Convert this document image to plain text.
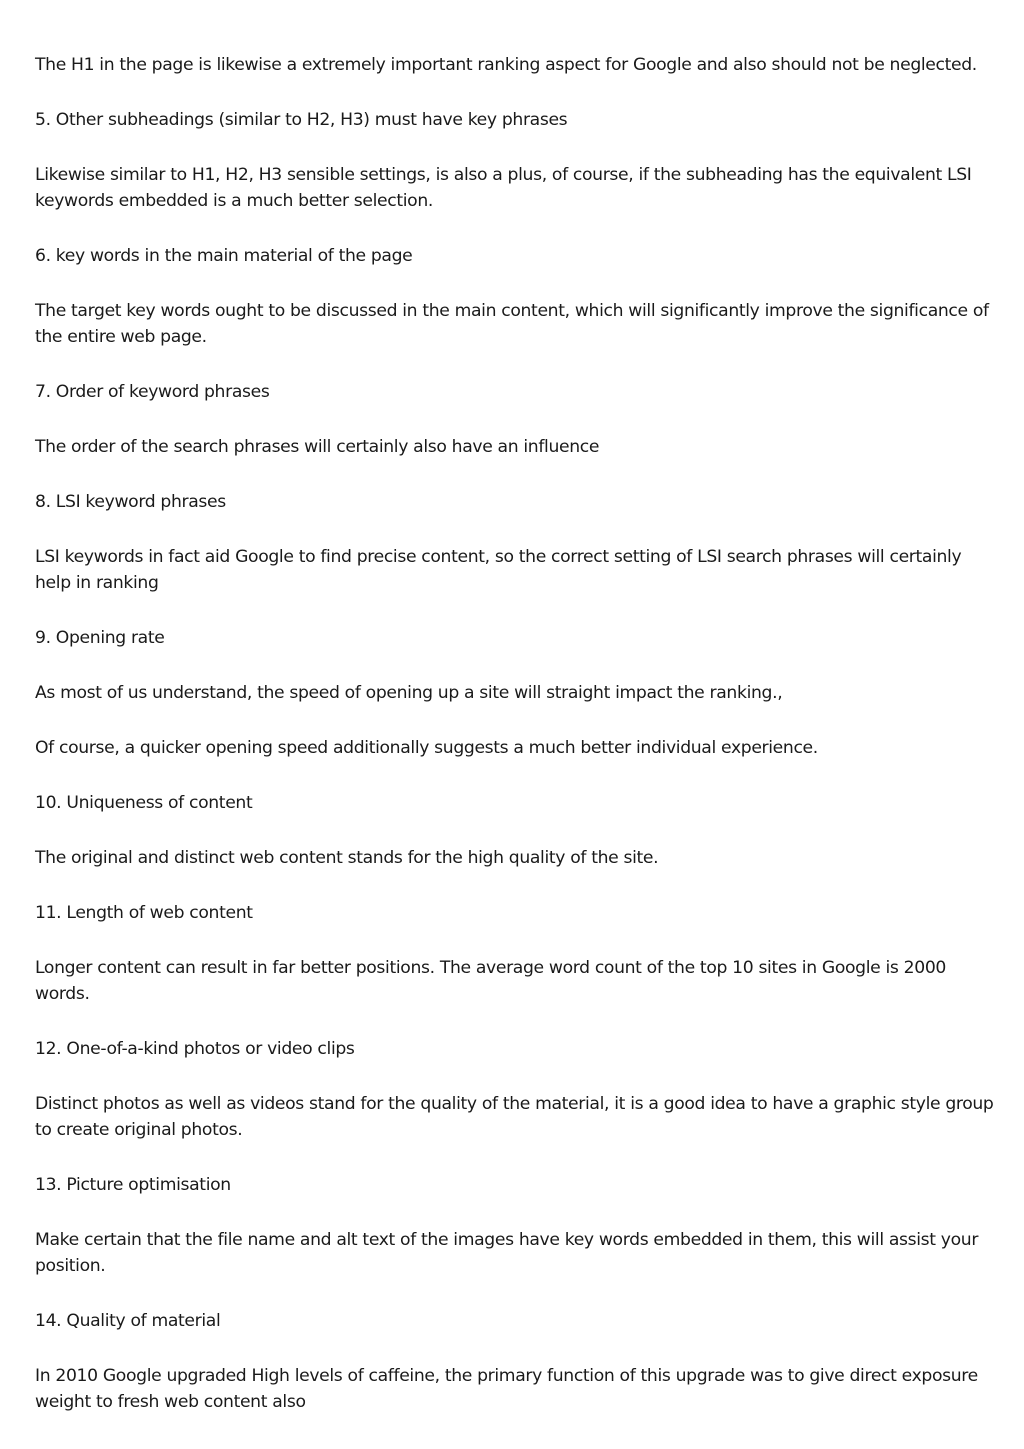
The H1 in the page is likewise a extremely important ranking aspect for Google and also should not be neglected.

5. Other subheadings (similar to H2, H3) must have key phrases

Likewise similar to H1, H2, H3 sensible settings, is also a plus, of course, if the subheading has the equivalent LSI keywords embedded is a much better selection.

6. key words in the main material of the page

The target key words ought to be discussed in the main content, which will significantly improve the significance of the entire web page.

7. Order of keyword phrases

The order of the search phrases will certainly also have an influence

8. LSI keyword phrases

LSI keywords in fact aid Google to find precise content, so the correct setting of LSI search phrases will certainly help in ranking

9. Opening rate

As most of us understand, the speed of opening up a site will straight impact the ranking.,

Of course, a quicker opening speed additionally suggests a much better individual experience.

10. Uniqueness of content

The original and distinct web content stands for the high quality of the site.

11. Length of web content

Longer content can result in far better positions. The average word count of the top 10 sites in Google is 2000 words.

12. One-of-a-kind photos or video clips

Distinct photos as well as videos stand for the quality of the material, it is a good idea to have a graphic style group to create original photos.

13. Picture optimisation

Make certain that the file name and alt text of the images have key words embedded in them, this will assist your position.

14. Quality of material

In 2010 Google upgraded High levels of caffeine, the primary function of this upgrade was to give direct exposure weight to fresh web content also
